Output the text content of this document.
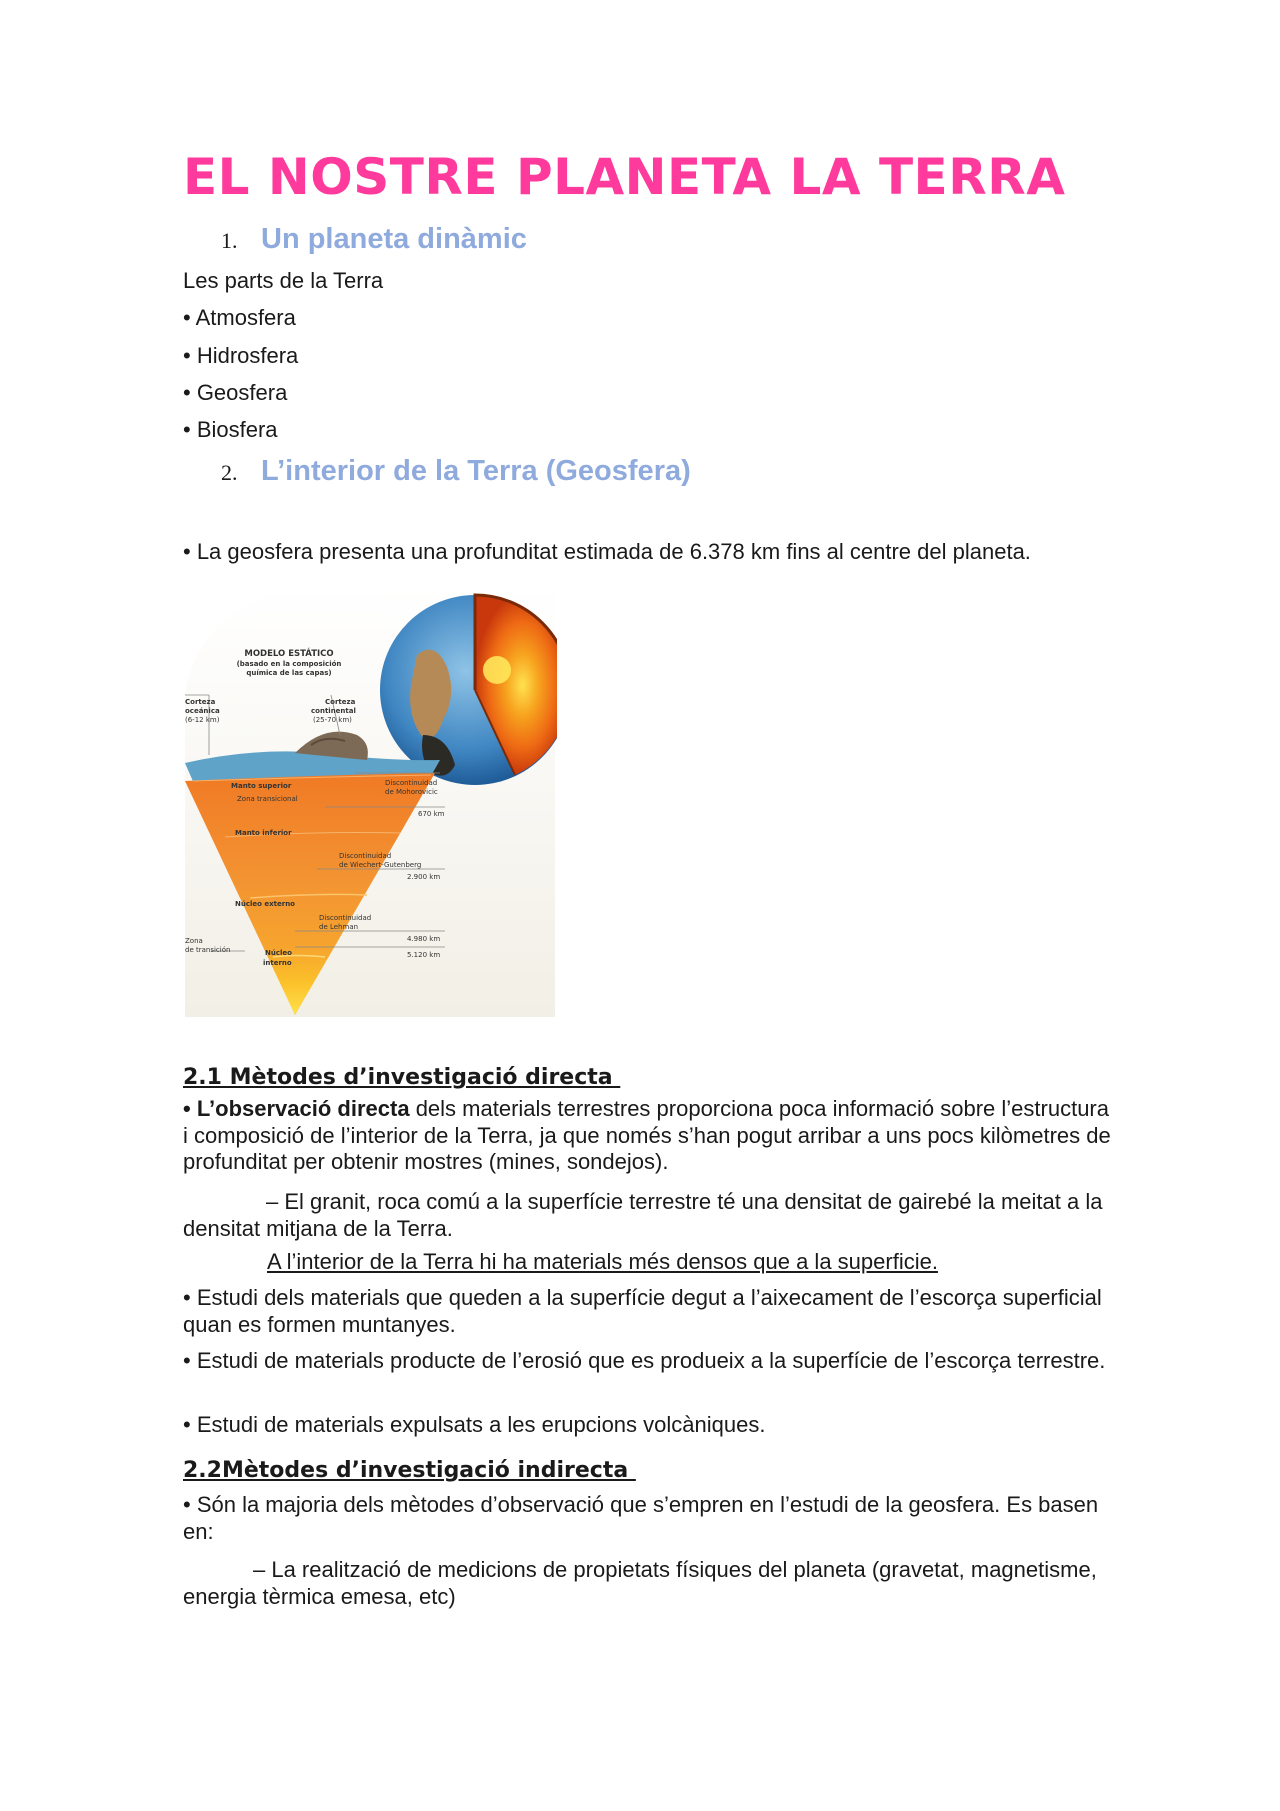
EL NOSTRE PLANETA LA TERRA
1. Un planeta dinàmic
Les parts de la Terra
• Atmosfera
• Hidrosfera
• Geosfera
• Biosfera
2. L’interior de la Terra (Geosfera)
• La geosfera presenta una profunditat estimada de 6.378 km fins al centre del planeta.
MODELO ESTÁTICO
(basado en la composición
química de las capas)
Corteza
oceánica
(6-12 km)
Corteza
continental
(25-70 km)
Manto superior
Zona transicional
Manto inferior
Núcleo externo
Núcleo
interno
Zona
de transición
Discontinuidad
de Mohorovicic
670 km
Discontinuidad
de Wiechert-Gutenberg
2.900 km
Discontinuidad
de Lehman
4.980 km
5.120 km
2.1 Mètodes d’investigació directa

• L’observació directa dels materials terrestres proporciona poca informació sobre l’estructura i composició de l’interior de la Terra, ja que només s’han pogut arribar a uns pocs kilòmetres de profunditat per obtenir mostres (mines, sondejos).

– El granit, roca comú a la superfície terrestre té una densitat de gairebé la meitat a la densitat mitjana de la Terra.

A l’interior de la Terra hi ha materials més densos que a la superficie.

• Estudi dels materials que queden a la superfície degut a l’aixecament de l’escorça superficial quan es formen muntanyes.

• Estudi de materials producte de l’erosió que es produeix a la superfície de l’escorça terrestre.

• Estudi de materials expulsats a les erupcions volcàniques.

2.2Mètodes d’investigació indirecta

• Són la majoria dels mètodes d’observació que s’empren en l’estudi de la geosfera. Es basen en:

– La realització de medicions de propietats físiques del planeta (gravetat, magnetisme, energia tèrmica emesa, etc)
